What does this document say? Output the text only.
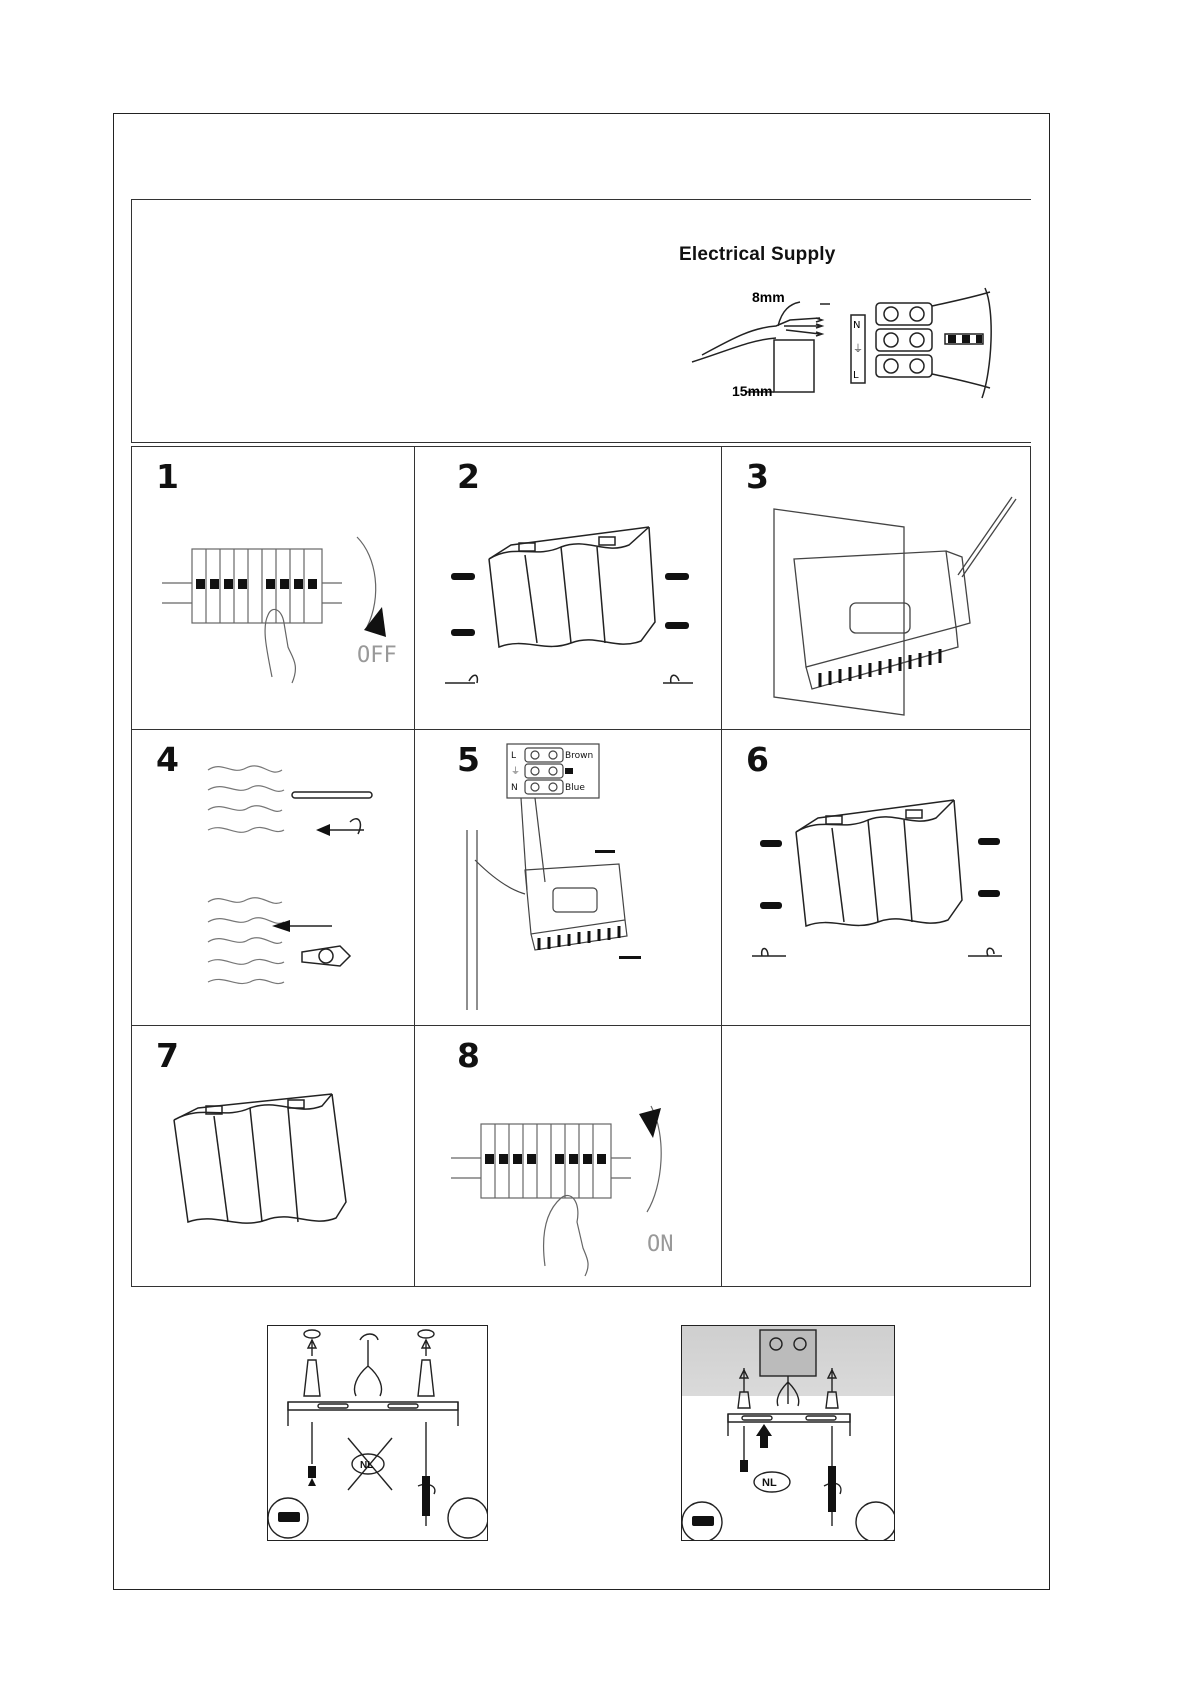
Electrical Supply
8mm
15mm
N
⏚
L
1
OFF
2	3
4	5	L
⏚
N
Brown
Blue
6
7	8
ON
NL
NL
